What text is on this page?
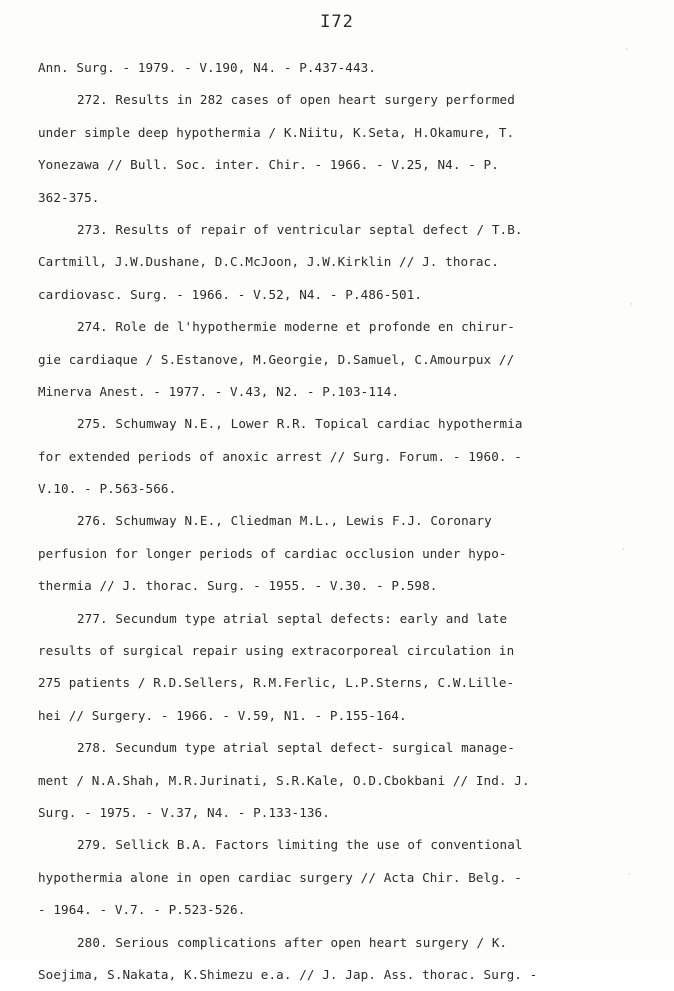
I72
Ann. Surg. - 1979. - V.190, N4. - P.437-443.
272. Results in 282 cases of open heart surgery performed
under simple deep hypothermia / K.Niitu, K.Seta, H.Okamure, T.
Yonezawa // Bull. Soc. inter. Chir. - 1966. - V.25, N4. - P.
362-375.
273. Results of repair of ventricular septal defect / T.B.
Cartmill, J.W.Dushane, D.C.McJoon, J.W.Kirklin // J. thorac.
cardiovasc. Surg. - 1966. - V.52, N4. - P.486-501.
274. Role de l'hypothermie moderne et profonde en chirur-
gie cardiaque / S.Estanove, M.Georgie, D.Samuel, C.Amourpux //
Minerva Anest. - 1977. - V.43, N2. - P.103-114.
275. Schumway N.E., Lower R.R. Topical cardiac hypothermia
for extended periods of anoxic arrest // Surg. Forum. - 1960. -
V.10. - P.563-566.
276. Schumway N.E., Cliedman M.L., Lewis F.J. Coronary
perfusion for longer periods of cardiac occlusion under hypo-
thermia // J. thorac. Surg. - 1955. - V.30. - P.598.
277. Secundum type atrial septal defects: early and late
results of surgical repair using extracorporeal circulation in
275 patients / R.D.Sellers, R.M.Ferlic, L.P.Sterns, C.W.Lille-
hei // Surgery. - 1966. - V.59, N1. - P.155-164.
278. Secundum type atrial septal defect- surgical manage-
ment / N.A.Shah, M.R.Jurinati, S.R.Kale, O.D.Cbokbani // Ind. J.
Surg. - 1975. - V.37, N4. - P.133-136.
279. Sellick B.A. Factors limiting the use of conventional
hypothermia alone in open cardiac surgery // Acta Chir. Belg. -
- 1964. - V.7. - P.523-526.
280. Serious complications after open heart surgery / K.
Soejima, S.Nakata, K.Shimezu e.a. // J. Jap. Ass. thorac. Surg. -
·
·
·
·
